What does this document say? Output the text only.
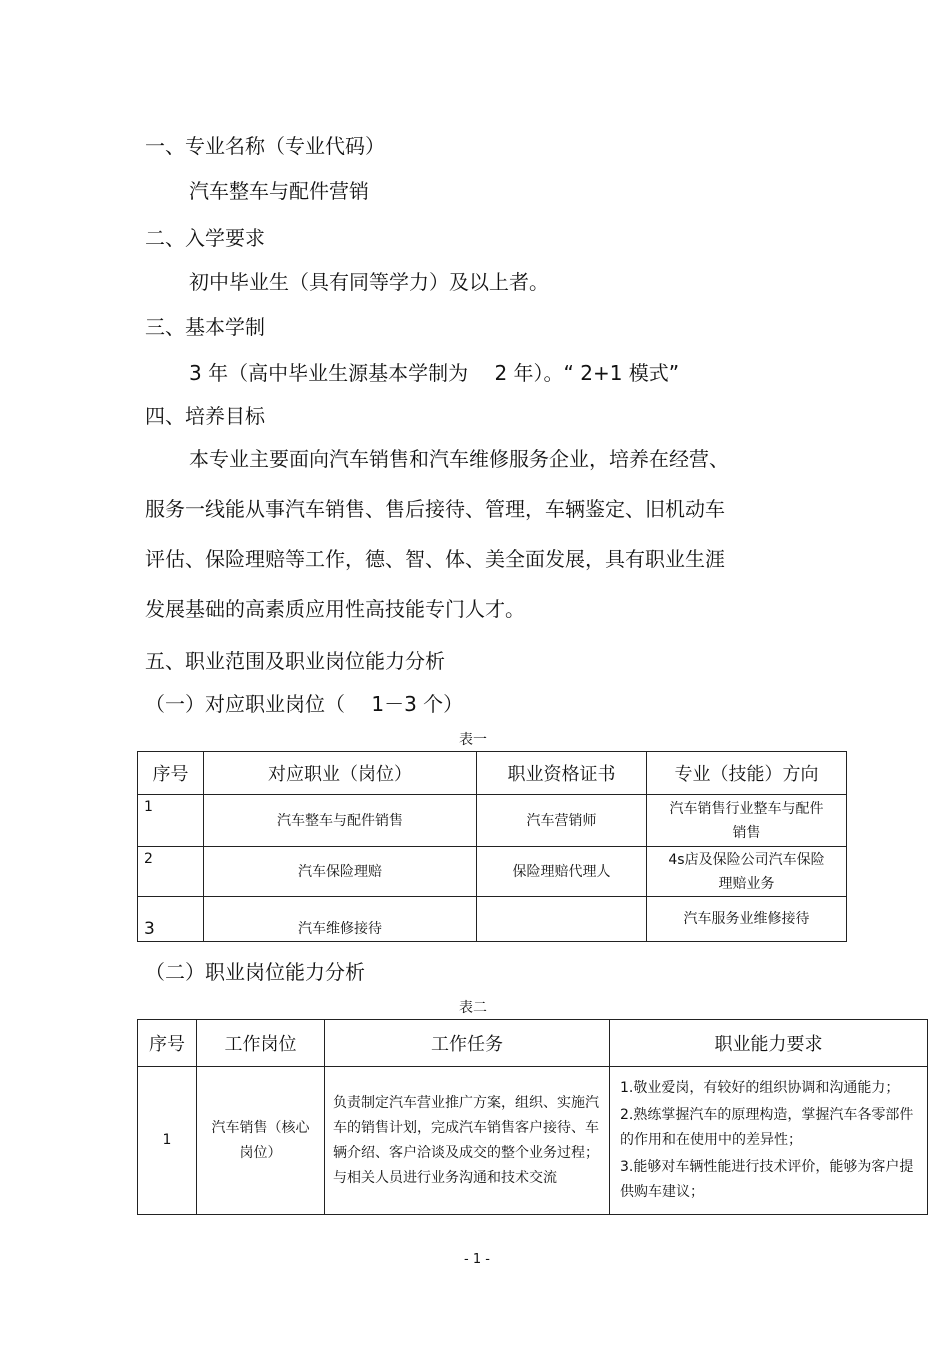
一、专业名称（专业代码）
汽车整车与配件营销
二、入学要求
初中毕业生（具有同等学力）及以上者。
三、基本学制
3 年（高中毕业生源基本学制为 　2 年）。“ 2+1 模式”
四、培养目标
本专业主要面向汽车销售和汽车维修服务企业，培养在经营、
服务一线能从事汽车销售、售后接待、管理，车辆鉴定、旧机动车
评估、保险理赔等工作，德、智、体、美全面发展，具有职业生涯
发展基础的高素质应用性高技能专门人才。
五、职业范围及职业岗位能力分析
（一）对应职业岗位（ 　1－3 个）
表一
序号	对应职业（岗位）	职业资格证书	专业（技能）方向
1	汽车整车与配件销售	汽车营销师	汽车销售行业整车与配件销售
2	汽车保险理赔	保险理赔代理人	4s店及保险公司汽车保险理赔业务
3	汽车维修接待		汽车服务业维修接待
（二）职业岗位能力分析
表二
序号	工作岗位	工作任务	职业能力要求
1	汽车销售（核心岗位）	负责制定汽车营业推广方案，组织、实施汽车的销售计划，完成汽车销售客户接待、车辆介绍、客户洽谈及成交的整个业务过程；与相关人员进行业务沟通和技术交流	1.敬业爱岗，有较好的组织协调和沟通能力；
2.熟练掌握汽车的原理构造，掌握汽车各零部件的作用和在使用中的差异性；
3.能够对车辆性能进行技术评价，能够为客户提供购车建议；
- 1 -
